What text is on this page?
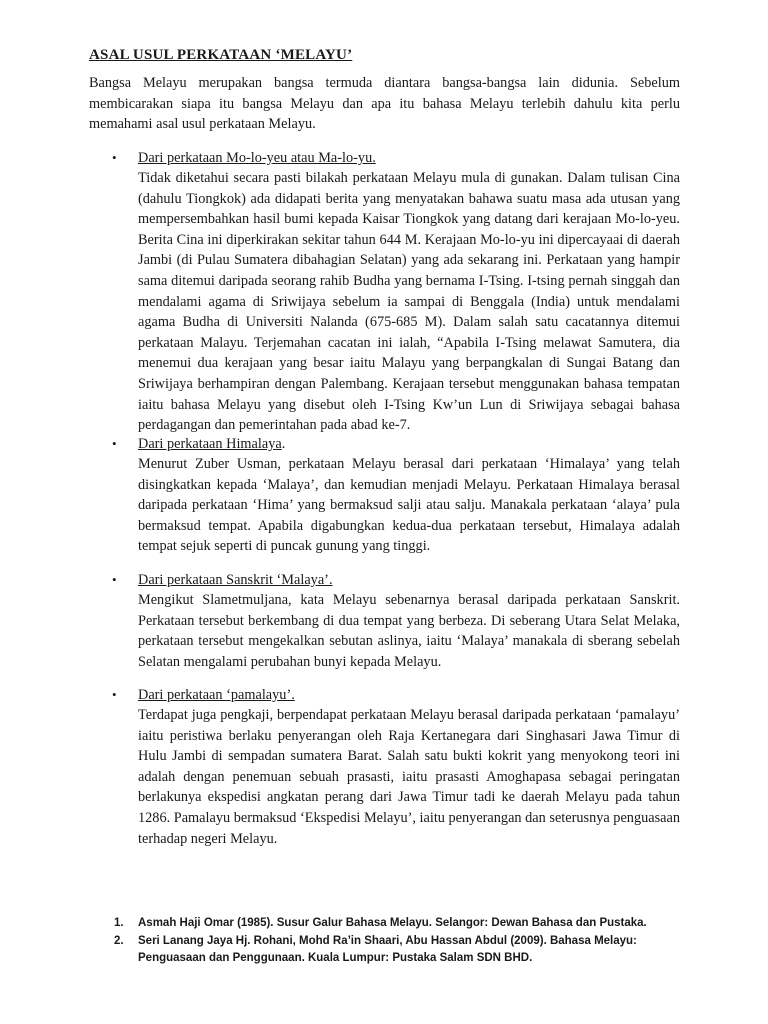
ASAL USUL PERKATAAN ‘MELAYU’

Bangsa Melayu merupakan bangsa termuda diantara bangsa-bangsa lain didunia. Sebelum membicarakan siapa itu bangsa Melayu dan apa itu bahasa Melayu terlebih dahulu kita perlu memahami asal usul perkataan Melayu.

• Dari perkataan Mo-lo-yeu atau Ma-lo-yu.

Tidak diketahui secara pasti bilakah perkataan Melayu mula di gunakan. Dalam tulisan Cina (dahulu Tiongkok) ada didapati berita yang menyatakan bahawa suatu masa ada utusan yang mempersembahkan hasil bumi kepada Kaisar Tiongkok yang datang dari kerajaan Mo-lo-yeu. Berita Cina ini diperkirakan sekitar tahun 644 M. Kerajaan Mo-lo-yu ini dipercayaai di daerah Jambi (di Pulau Sumatera dibahagian Selatan) yang ada sekarang ini. Perkataan yang hampir sama ditemui daripada seorang rahib Budha yang bernama I-Tsing. I-tsing pernah singgah dan mendalami agama di Sriwijaya sebelum ia sampai di Benggala (India) untuk mendalami agama Budha di Universiti Nalanda (675-685 M). Dalam salah satu cacatannya ditemui perkataan Malayu. Terjemahan cacatan ini ialah, “Apabila I-Tsing melawat Samutera, dia menemui dua kerajaan yang besar iaitu Malayu yang berpangkalan di Sungai Batang dan Sriwijaya berhampiran dengan Palembang. Kerajaan tersebut menggunakan bahasa tempatan iaitu bahasa Melayu yang disebut oleh I-Tsing Kw’un Lun di Sriwijaya sebagai bahasa perdagangan dan pemerintahan pada abad ke-7.

• Dari perkataan Himalaya.

Menurut Zuber Usman, perkataan Melayu berasal dari perkataan ‘Himalaya’ yang telah disingkatkan kepada ‘Malaya’, dan kemudian menjadi Melayu. Perkataan Himalaya berasal daripada perkataan ‘Hima’ yang bermaksud salji atau salju. Manakala perkataan ‘alaya’ pula bermaksud tempat. Apabila digabungkan kedua-dua perkataan tersebut, Himalaya adalah tempat sejuk seperti di puncak gunung yang tinggi.

• Dari perkataan Sanskrit ‘Malaya’.

Mengikut Slametmuljana, kata Melayu sebenarnya berasal daripada perkataan Sanskrit. Perkataan tersebut berkembang di dua tempat yang berbeza. Di seberang Utara Selat Melaka, perkataan tersebut mengekalkan sebutan aslinya, iaitu ‘Malaya’ manakala di sberang sebelah Selatan mengalami perubahan bunyi kepada Melayu.

• Dari perkataan ‘pamalayu’.

Terdapat juga pengkaji, berpendapat perkataan Melayu berasal daripada perkataan ‘pamalayu’ iaitu peristiwa berlaku penyerangan oleh Raja Kertanegara dari Singhasari Jawa Timur di Hulu Jambi di sempadan sumatera Barat. Salah satu bukti kokrit yang menyokong teori ini adalah dengan penemuan sebuah prasasti, iaitu prasasti Amoghapasa sebagai peringatan berlakunya ekspedisi angkatan perang dari Jawa Timur tadi ke daerah Melayu pada tahun 1286. Pamalayu bermaksud ‘Ekspedisi Melayu’, iaitu penyerangan dan seterusnya penguasaan terhadap negeri Melayu.

1. Asmah Haji Omar (1985). Susur Galur Bahasa Melayu. Selangor: Dewan Bahasa dan Pustaka.
2. Seri Lanang Jaya Hj. Rohani, Mohd Ra’in Shaari, Abu Hassan Abdul (2009). Bahasa Melayu: Penguasaan dan Penggunaan. Kuala Lumpur: Pustaka Salam SDN BHD.
